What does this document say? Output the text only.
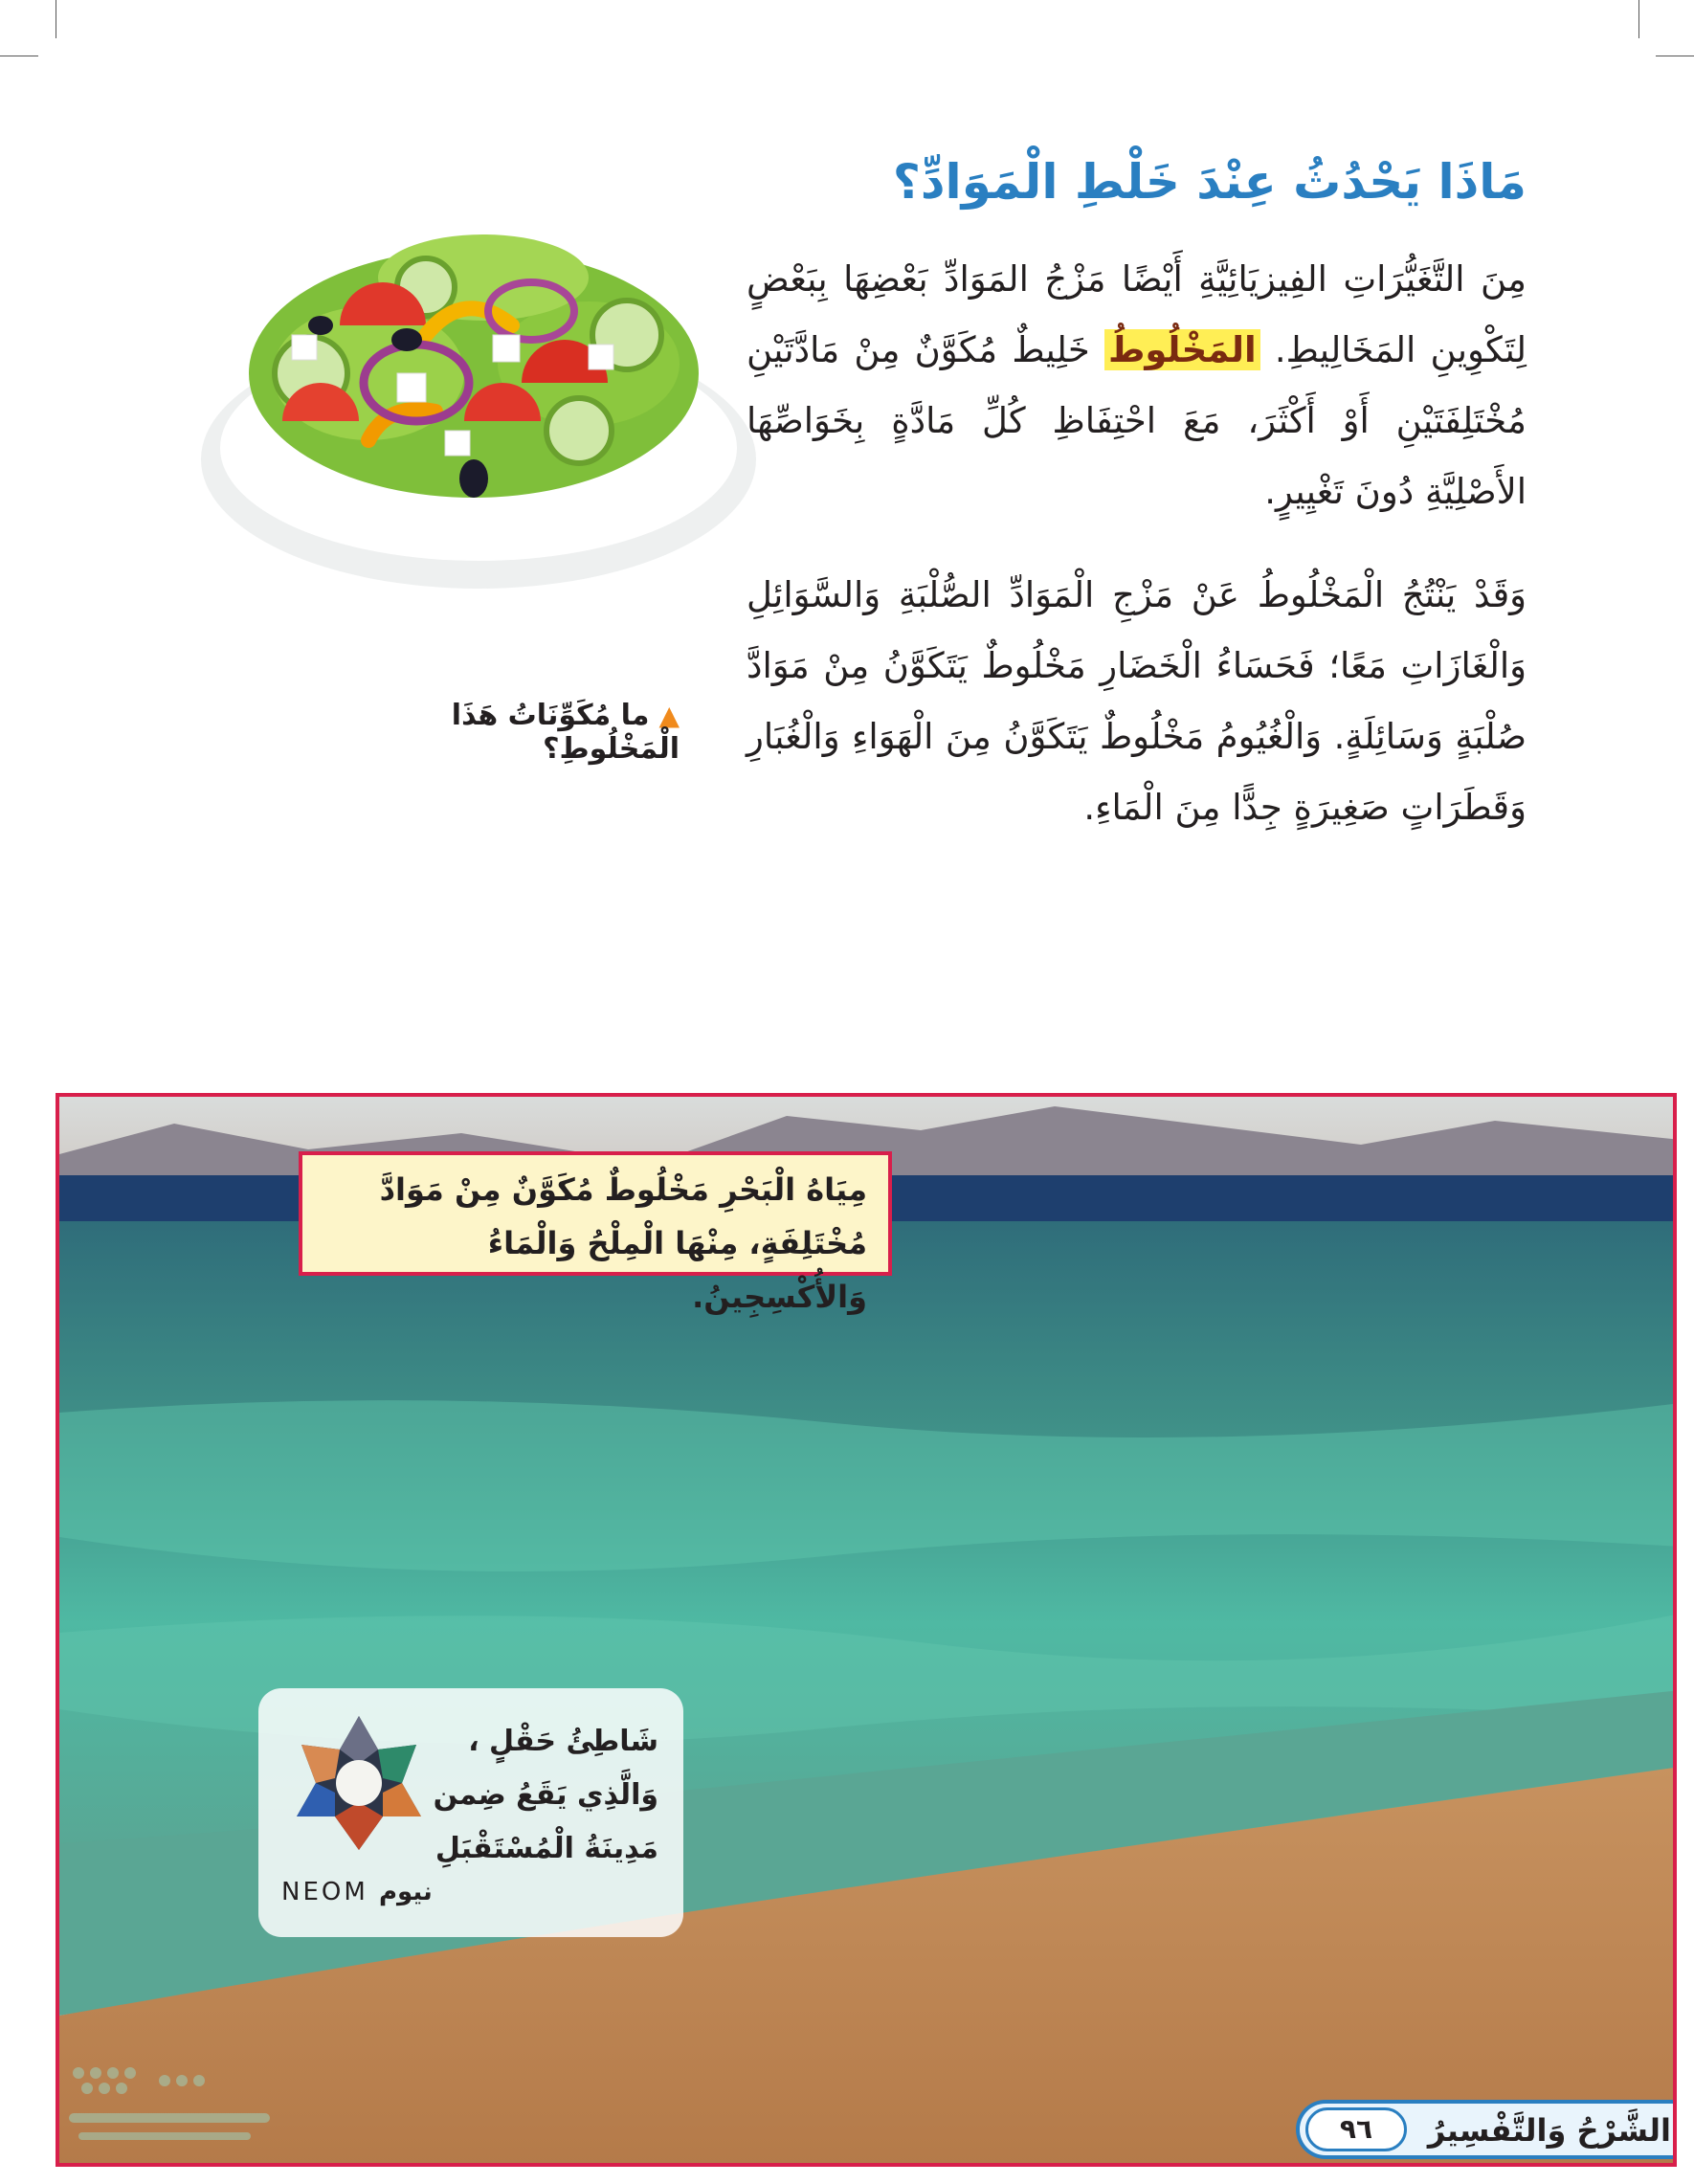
مَاذَا يَحْدُثُ عِنْدَ خَلْطِ الْمَوَادِّ؟
مِنَ التَّغَيُّرَاتِ الفِيزيَائِيَّةِ أَيْضًا مَزْجُ المَوَادِّ بَعْضِهَا بِبَعْضٍ لِتَكْوِينِ المَخَالِيطِ. المَخْلُوطُ خَلِيطٌ مُكَوَّنٌ مِنْ مَادَّتَيْنِ مُخْتَلِفَتَيْنِ أَوْ أَكْثَرَ، مَعَ احْتِفَاظِ كُلِّ مَادَّةٍ بِخَوَاصِّهَا الأَصْلِيَّةِ دُونَ تَغْيِيرٍ.
وَقَدْ يَنْتُجُ الْمَخْلُوطُ عَنْ مَزْجِ الْمَوَادِّ الصُّلْبَةِ وَالسَّوَائِلِ وَالْغَازَاتِ مَعًا؛ فَحَسَاءُ الْخَضَارِ مَخْلُوطٌ يَتَكَوَّنُ مِنْ مَوَادَّ صُلْبَةٍ وَسَائِلَةٍ. وَالْغُيُومُ مَخْلُوطٌ يَتَكَوَّنُ مِنَ الْهَوَاءِ وَالْغُبَارِ وَقَطَرَاتٍ صَغِيرَةٍ جِدًّا مِنَ الْمَاءِ.
▲ما مُكَوِّنَاتُ هَذَا الْمَخْلُوطِ؟
مِيَاهُ الْبَحْرِ مَخْلُوطٌ مُكَوَّنٌ مِنْ مَوَادَّ مُخْتَلِفَةٍ، مِنْهَا الْمِلْحُ وَالْمَاءُ وَالأُكْسِجِينُ.
شَاطِئُ حَقْلٍ ،
وَالَّذِي يَقَعُ ضِمن
مَدِينَةُ الْمُسْتَقْبَلِ
نيوم
NEOM
٩٦	الشَّرْحُ وَالتَّفْسِيرُ
